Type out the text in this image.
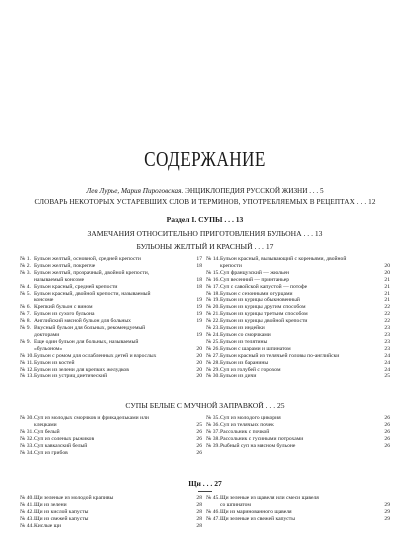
СОДЕРЖАНИЕ
Лев Лурье, Мария Пироговская. ЭНЦИКЛОПЕДИЯ РУССКОЙ ЖИЗНИ . . . 5
СЛОВАРЬ НЕКОТОРЫХ УСТАРЕВШИХ СЛОВ И ТЕРМИНОВ, УПОТРЕБЛЯЕМЫХ В РЕЦЕПТАХ . . . 12
Раздел I. СУПЫ . . . 13
ЗАМЕЧАНИЯ ОТНОСИТЕЛЬНО ПРИГОТОВЛЕНИЯ БУЛЬОНА . . . 13
БУЛЬОНЫ ЖЕЛТЫЙ И КРАСНЫЙ . . . 17
№ 1. Бульон желтый, основной, средней крепости	17
№ 2. Бульон желтый, покрепче	18
№ 3. Бульон желтый, прозрачный, двойной крепости,
называемый консоме	18
№ 4. Бульон красный, средней крепости	18
№ 5. Бульон красный, двойной крепости, называемый
консоме	19
№ 6. Крепкий бульон с вином	19
№ 7. Бульон из сухого бульона	19
№ 8. Английский мясной бульон для больных	19
№ 9. Вкусный бульон для больных, рекомендуемый
докторами	19
№ 9. Еще один бульон для больных, называемый
«бульоном»	20
№ 10. Бульон с ромом для ослабленных детей и взрослых	20
№ 11. Бульон из костей	20
№ 12. Бульон из зелени для крепких желудков	20
№ 13. Бульон из устриц диетический	20
№ 14. Бульон красный, вызывающий с кореньями, двойной
крепости	20
№ 15. Суп французский — жюльен	20
№ 16. Суп весенний — принтаньер	21
№ 17. Суп с савойской капустой — потофе	21
№ 18. Бульон с сезонными огурцами	21
№ 19. Бульон из курицы обыкновенный	21
№ 20. Бульон из курицы другим способом	22
№ 21. Бульон из курицы третьим способом	22
№ 22. Бульон из курицы двойной крепости	22
№ 23. Бульон из индейки	23
№ 24. Бульон со сморчками	23
№ 25. Бульон из телятины	23
№ 26. Бульон с шарами и шпинатом	23
№ 27. Бульон красный из телячьей головы по-английски	24
№ 28. Бульон из баранины	24
№ 29. Суп из голубей с горохом	24
№ 30. Бульон из дичи	25
СУПЫ БЕЛЫЕ С МУЧНОЙ ЗАПРАВКОЙ . . . 25
№ 30. Суп из молодых сморчков и фрикадельками или
клецками	25
№ 31. Суп белый	26
№ 32. Суп из соленых рыжиков	26
№ 33. Суп кавказский белый	26
№ 34. Суп из грибов	26
№ 35. Суп из молодого цикория	26
№ 36. Суп из телячьих почек	26
№ 37. Рассольник с почкой	26
№ 38. Рассольник с гусиными потрохами	26
№ 39. Рыбный суп на мясном бульоне	26
Щи . . . 27
№ 40. Щи зеленые из молодой крапивы	28
№ 41. Щи из зелени	28
№ 42. Щи из кислой капусты	28
№ 43. Щи из свежей капусты	28
№ 44. Кислые щи	28
№ 45. Щи зеленые из щавеля или смеси щавеля
со шпинатом	29
№ 46. Щи из маринованного щавеля	29
№ 47. Щи зеленые из свежей капусты	29
